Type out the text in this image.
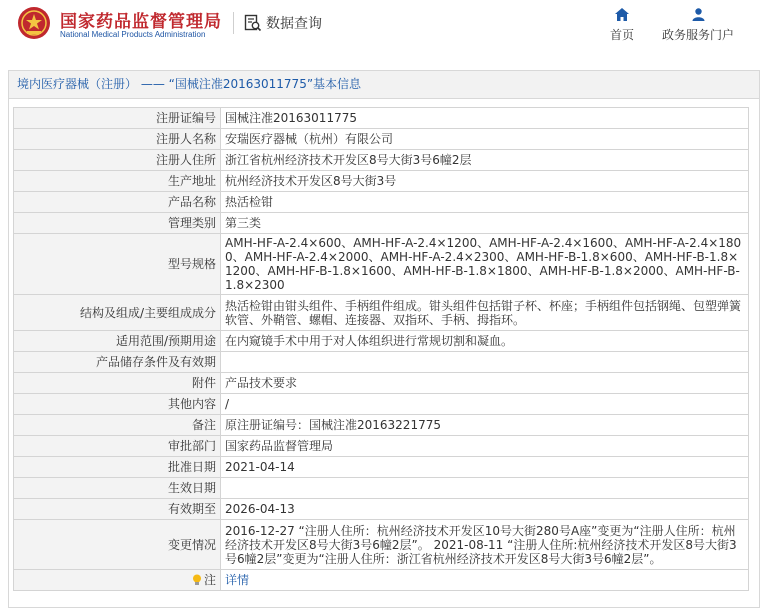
国家药品监督管理局
National Medical Products Administration
数据查询
首页	政务服务门户
境内医疗器械（注册） —— “国械注准20163011775”基本信息
注册证编号	国械注准20163011775
注册人名称	安瑞医疗器械（杭州）有限公司
注册人住所	浙江省杭州经济技术开发区8号大街3号6幢2层
生产地址	杭州经济技术开发区8号大街3号
产品名称	热活检钳
管理类别	第三类
型号规格	AMH-HF-A-2.4×600、AMH-HF-A-2.4×1200、AMH-HF-A-2.4×1600、AMH-HF-A-2.4×1800、AMH-HF-A-2.4×2000、AMH-HF-A-2.4×2300、AMH-HF-B-1.8×600、AMH-HF-B-1.8×1200、AMH-HF-B-1.8×1600、AMH-HF-B-1.8×1800、AMH-HF-B-1.8×2000、AMH-HF-B-1.8×2300
结构及组成/主要组成成分	热活检钳由钳头组件、手柄组件组成。钳头组件包括钳子杯、杯座；手柄组件包括钢绳、包塑弹簧软管、外鞘管、螺帽、连接器、双指环、手柄、拇指环。
适用范围/预期用途	在内窥镜手术中用于对人体组织进行常规切割和凝血。
产品储存条件及有效期	
附件	产品技术要求
其他内容	/
备注	原注册证编号：国械注准20163221775
审批部门	国家药品监督管理局
批准日期	2021-04-14
生效日期	
有效期至	2026-04-13
变更情况	2016-12-27 “注册人住所：杭州经济技术开发区10号大街280号A座”变更为“注册人住所：杭州经济技术开发区8号大街3号6幢2层”。 2021-08-11 “注册人住所:杭州经济技术开发区8号大街3号6幢2层”变更为“注册人住所：浙江省杭州经济技术开发区8号大街3号6幢2层”。
注	详情
